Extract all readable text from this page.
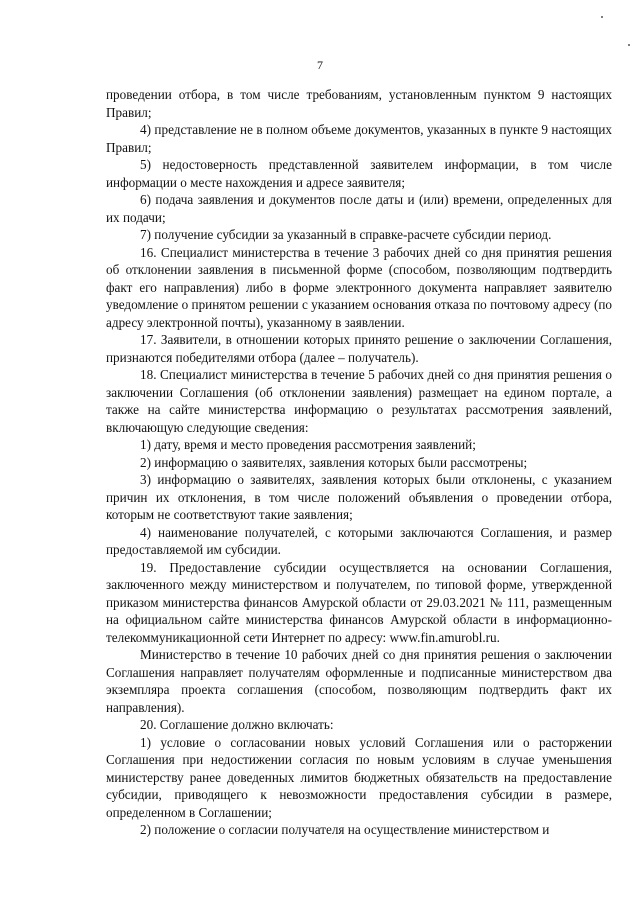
7

проведении отбора, в том числе требованиям, установленным пунктом 9 настоящих Правил;

4) представление не в полном объеме документов, указанных в пункте 9 настоящих Правил;

5) недостоверность представленной заявителем информации, в том числе информации о месте нахождения и адресе заявителя;

6) подача заявления и документов после даты и (или) времени, определенных для их подачи;

7) получение субсидии за указанный в справке-расчете субсидии период.

16. Специалист министерства в течение 3 рабочих дней со дня принятия решения об отклонении заявления в письменной форме (способом, позволяющим подтвердить факт его направления) либо в форме электронного документа направляет заявителю уведомление о принятом решении с указанием основания отказа по почтовому адресу (по адресу электронной почты), указанному в заявлении.

17. Заявители, в отношении которых принято решение о заключении Соглашения, признаются победителями отбора (далее – получатель).

18. Специалист министерства в течение 5 рабочих дней со дня принятия решения о заключении Соглашения (об отклонении заявления) размещает на едином портале, а также на сайте министерства информацию о результатах рассмотрения заявлений, включающую следующие сведения:

1) дату, время и место проведения рассмотрения заявлений;

2) информацию о заявителях, заявления которых были рассмотрены;

3) информацию о заявителях, заявления которых были отклонены, с указанием причин их отклонения, в том числе положений объявления о проведении отбора, которым не соответствуют такие заявления;

4) наименование получателей, с которыми заключаются Соглашения, и размер предоставляемой им субсидии.

19. Предоставление субсидии осуществляется на основании Соглашения, заключенного между министерством и получателем, по типовой форме, утвержденной приказом министерства финансов Амурской области от 29.03.2021 № 111, размещенным на официальном сайте министерства финансов Амурской области в информационно-телекоммуникационной сети Интернет по адресу: www.fin.amurobl.ru.

Министерство в течение 10 рабочих дней со дня принятия решения о заключении Соглашения направляет получателям оформленные и подписанные министерством два экземпляра проекта соглашения (способом, позволяющим подтвердить факт их направления).

20. Соглашение должно включать:

1) условие о согласовании новых условий Соглашения или о расторжении Соглашения при недостижении согласия по новым условиям в случае уменьшения министерству ранее доведенных лимитов бюджетных обязательств на предоставление субсидии, приводящего к невозможности предоставления субсидии в размере, определенном в Соглашении;

2) положение о согласии получателя на осуществление министерством и
